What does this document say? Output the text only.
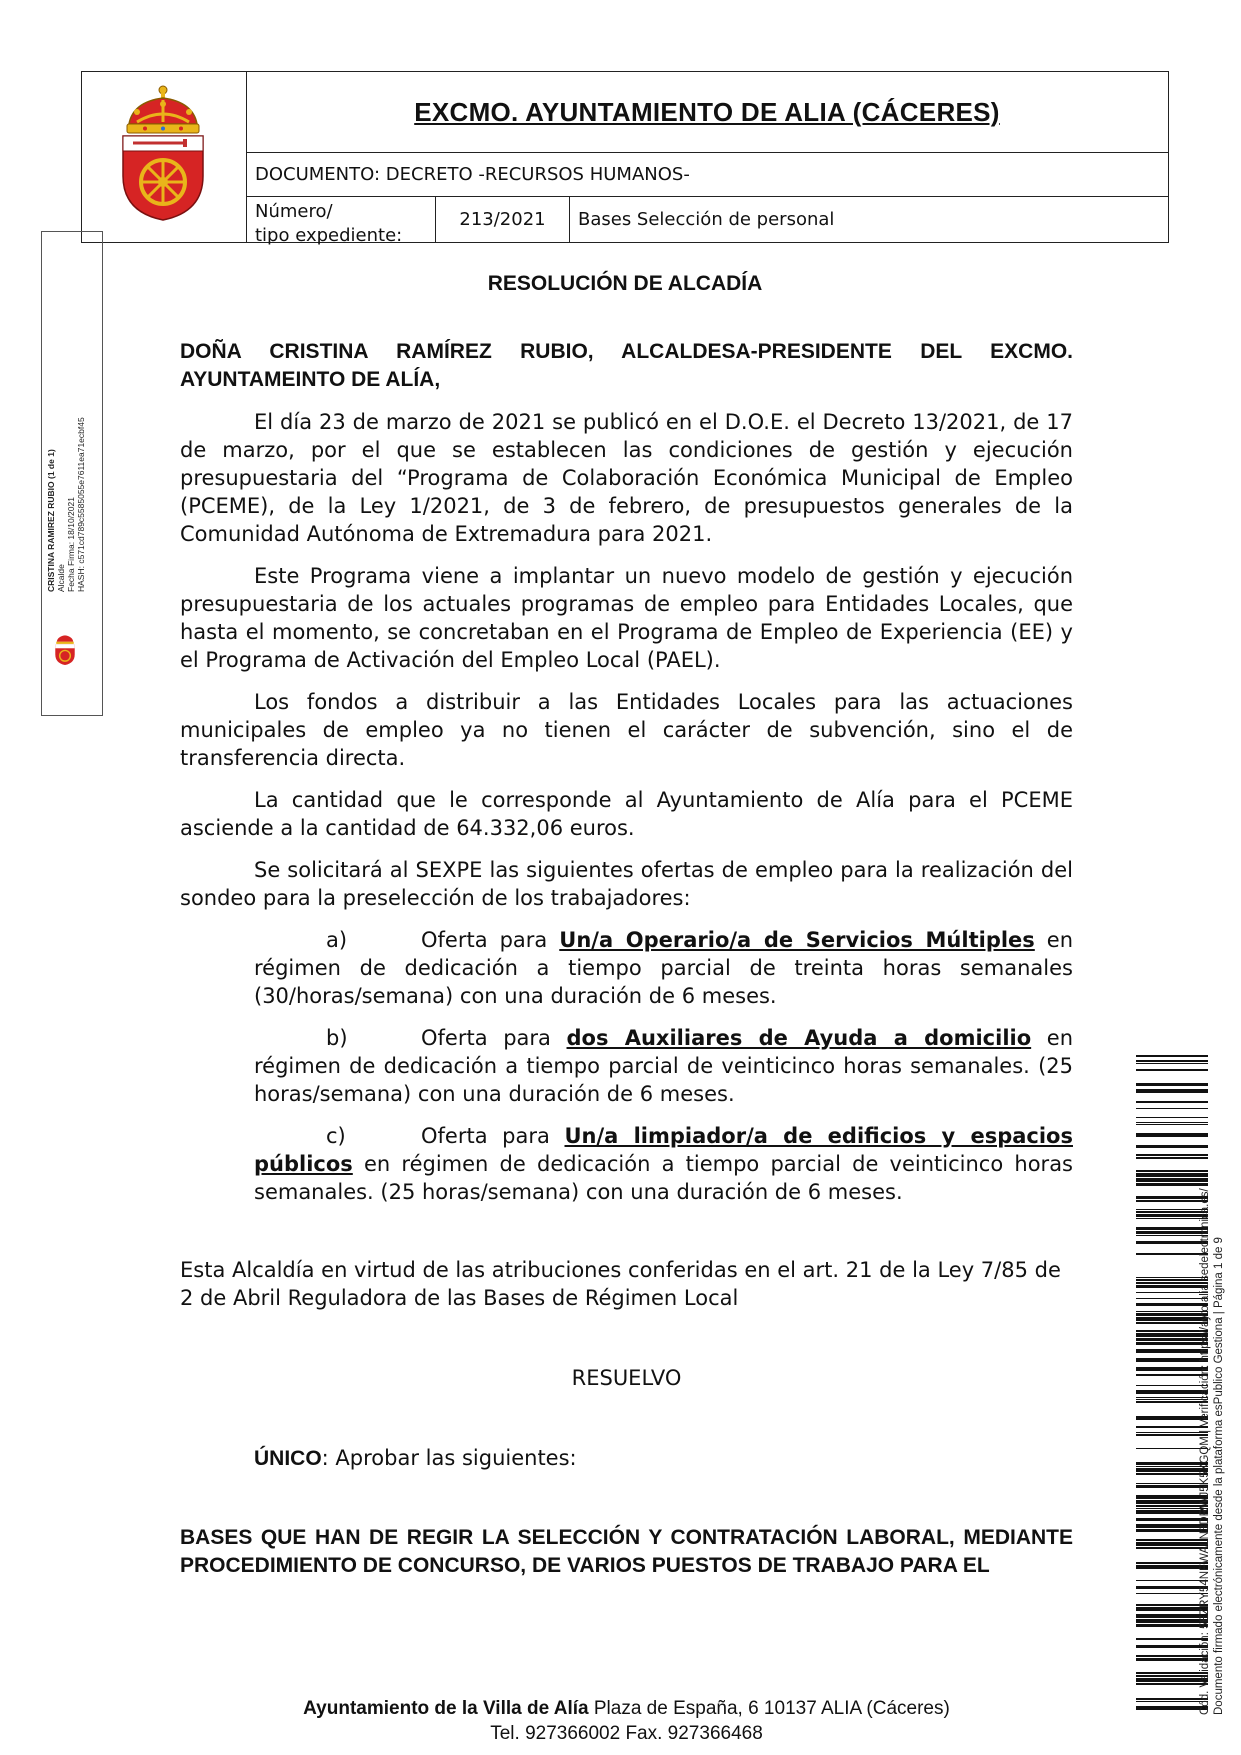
EXCMO. AYUNTAMIENTO DE ALIA (CÁCERES)
DOCUMENTO: DECRETO -RECURSOS HUMANOS-
Número/
tipo expediente:
213/2021	Bases Selección de personal
CRISTINA RAMIREZ RUBIO (1 de 1) Alcalde Fecha Firma: 18/10/2021 HASH: c571cd789c5585055e7611ea71ecbf45
RESOLUCIÓN DE ALCADÍA
DOÑA CRISTINA RAMÍREZ RUBIO, ALCALDESA-PRESIDENTE DEL EXCMO. AYUNTAMEINTO DE ALÍA,
El día 23 de marzo de 2021 se publicó en el D.O.E. el Decreto 13/2021, de 17 de marzo, por el que se establecen las condiciones de gestión y ejecución presupuestaria del “Programa de Colaboración Económica Municipal de Empleo (PCEME), de la Ley 1/2021, de 3 de febrero, de presupuestos generales de la Comunidad Autónoma de Extremadura para 2021.
Este Programa viene a implantar un nuevo modelo de gestión y ejecución presupuestaria de los actuales programas de empleo para Entidades Locales, que hasta el momento, se concretaban en el Programa de Empleo de Experiencia (EE) y el Programa de Activación del Empleo Local (PAEL).
Los fondos a distribuir a las Entidades Locales para las actuaciones municipales de empleo ya no tienen el carácter de subvención, sino el de transferencia directa.
La cantidad que le corresponde al Ayuntamiento de Alía para el PCEME asciende a la cantidad de 64.332,06 euros.
Se solicitará al SEXPE las siguientes ofertas de empleo para la realización del sondeo para la preselección de los trabajadores:
a)	Oferta para Un/a Operario/a de Servicios Múltiples en régimen de dedicación a tiempo parcial de treinta horas semanales (30/horas/semana) con una duración de 6 meses.
b)	Oferta para dos Auxiliares de Ayuda a domicilio en régimen de dedicación a tiempo parcial de veinticinco horas semanales. (25 horas/semana) con una duración de 6 meses.
c)	Oferta para Un/a limpiador/a de edificios y espacios públicos en régimen de dedicación a tiempo parcial de veinticinco horas semanales. (25 horas/semana) con una duración de 6 meses.
Esta Alcaldía en virtud de las atribuciones conferidas en el art. 21 de la Ley 7/85 de 2 de Abril Reguladora de las Bases de Régimen Local
RESUELVO
ÚNICO: Aprobar las siguientes:
BASES QUE HAN DE REGIR LA SELECCIÓN Y CONTRATACIÓN LABORAL, MEDIANTE PROCEDIMIENTO DE CONCURSO, DE VARIOS PUESTOS DE TRABAJO PARA EL	Cód. Validación: 5EZRY54NFWALN3DRWJ5K5XGQM | Verificación: https://ayto.alia.sedelectronica.es/ Documento firmado electrónicamente desde la plataforma esPublico Gestiona | Página 1 de 9
Ayuntamiento de la Villa de Alía Plaza de España, 6 10137 ALIA (Cáceres)
Tel. 927366002 Fax. 927366468
